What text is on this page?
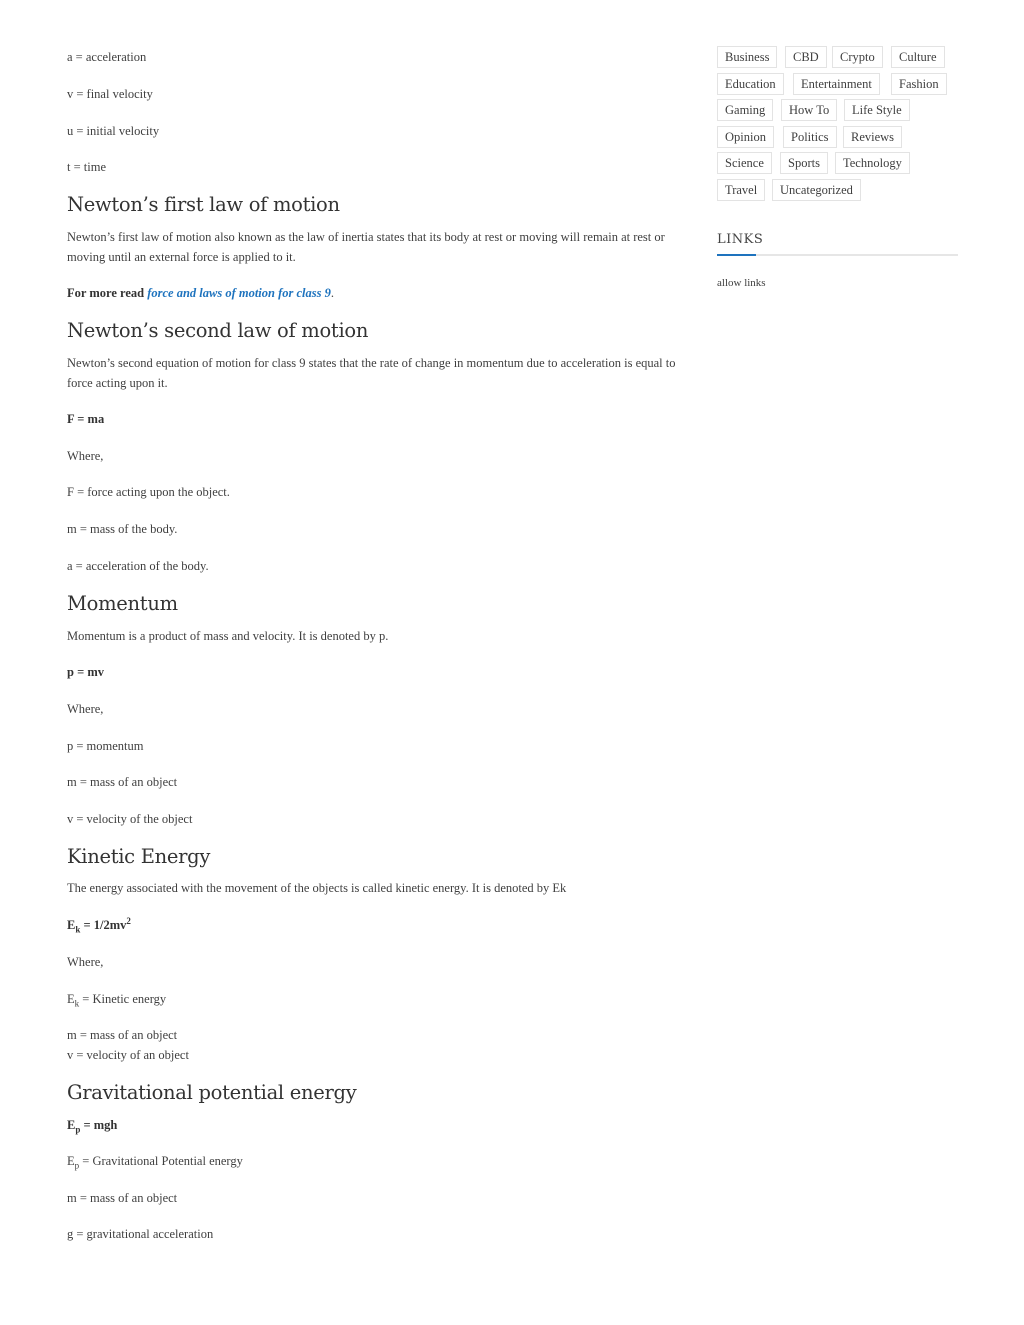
a = acceleration

v = final velocity

u = initial velocity

t = time

Newton’s first law of motion

Newton’s first law of motion also known as the law of inertia states that its body at rest or moving will remain at rest or moving until an external force is applied to it.

For more read force and laws of motion for class 9.

Newton’s second law of motion

Newton’s second equation of motion for class 9 states that the rate of change in momentum due to acceleration is equal to force acting upon it.

F = ma

Where,

F = force acting upon the object.

m = mass of the body.

a = acceleration of the body.

Momentum

Momentum is a product of mass and velocity. It is denoted by p.

p = mv

Where,

p = momentum

m = mass of an object

v = velocity of the object

Kinetic Energy

The energy associated with the movement of the objects is called kinetic energy. It is denoted by Ek

$E_k = 1/2mv^2$

Where,

$E_k$ = Kinetic energy

m = mass of an object

v = velocity of an object

Gravitational potential energy

$E_p$ = mgh

$E_p$ = Gravitational Potential energy

m = mass of an object

g = gravitational acceleration

Business	CBD	Crypto	Culture
Education	Entertainment	Fashion
Gaming	How To	Life Style
Opinion	Politics	Reviews
Science	Sports	Technology
Travel	Uncategorized
LINKS
allow links
